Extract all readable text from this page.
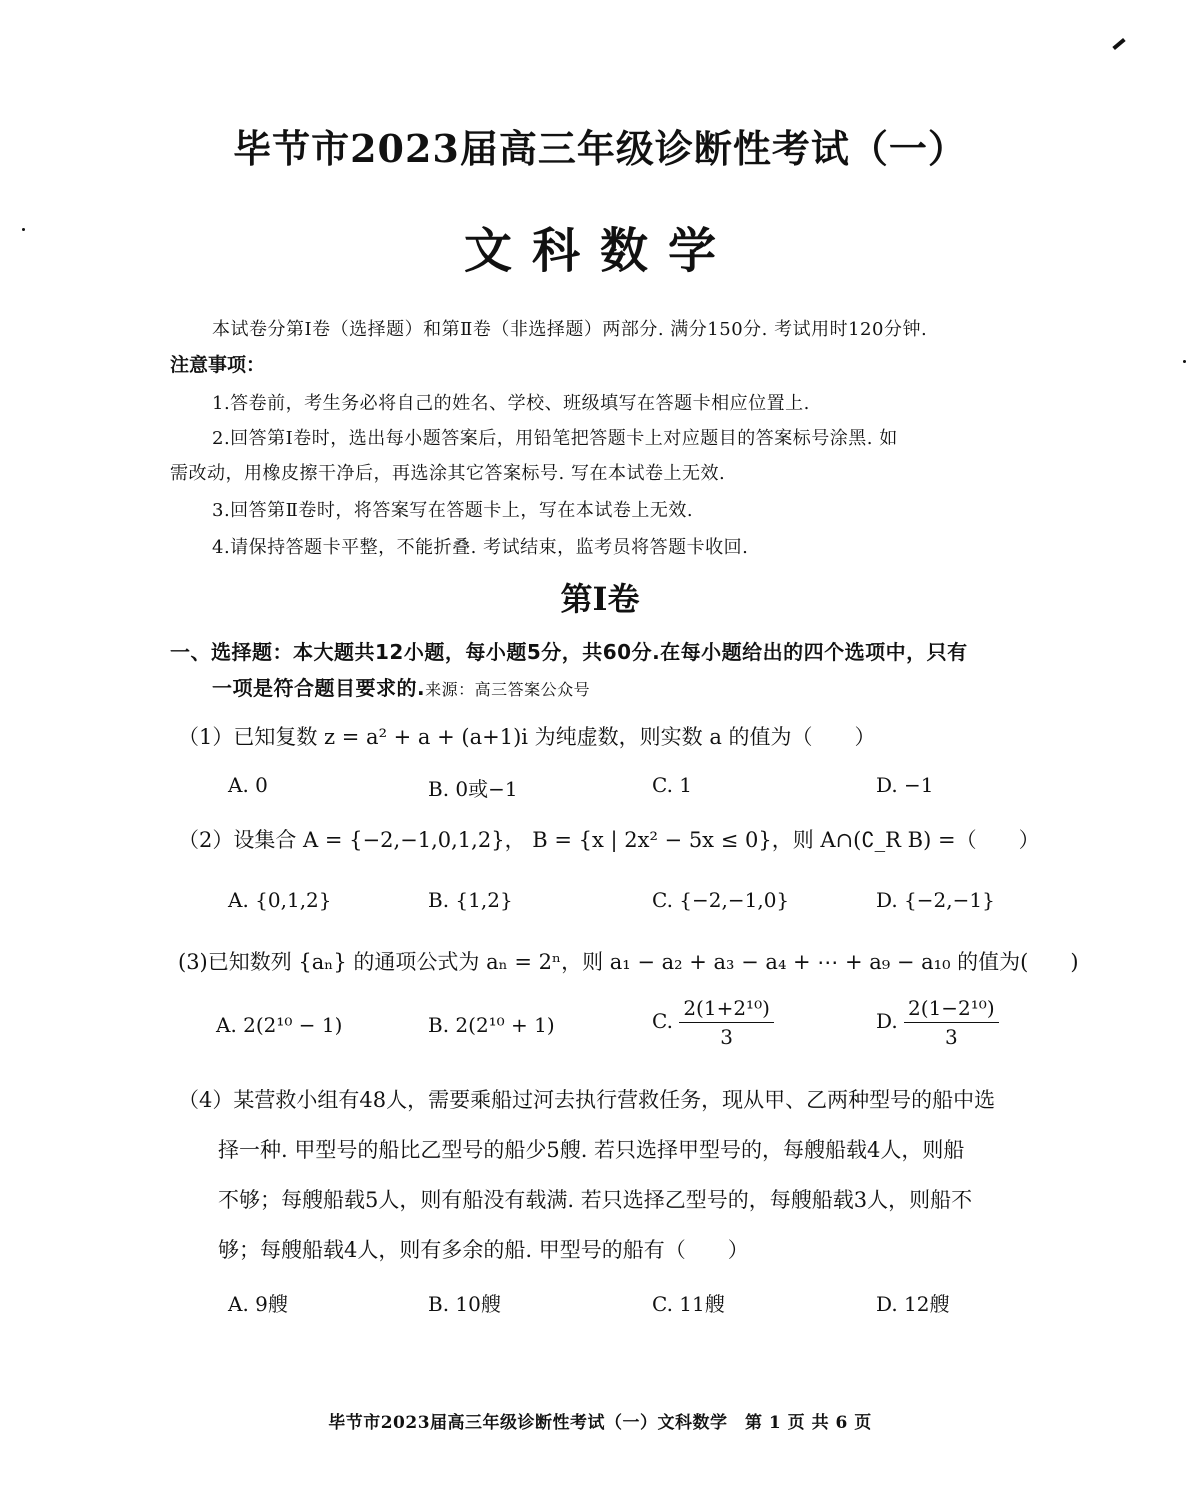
毕节市2023届高三年级诊断性考试（一）
文科数学
本试卷分第Ⅰ卷（选择题）和第Ⅱ卷（非选择题）两部分. 满分150分. 考试用时120分钟.
注意事项：
1.答卷前，考生务必将自己的姓名、学校、班级填写在答题卡相应位置上.
2.回答第Ⅰ卷时，选出每小题答案后，用铅笔把答题卡上对应题目的答案标号涂黑. 如
需改动，用橡皮擦干净后，再选涂其它答案标号. 写在本试卷上无效.
3.回答第Ⅱ卷时，将答案写在答题卡上，写在本试卷上无效.
4.请保持答题卡平整，不能折叠. 考试结束，监考员将答题卡收回.
第Ⅰ卷
一、选择题：本大题共12小题，每小题5分，共60分.在每小题给出的四个选项中，只有
一项是符合题目要求的.来源：高三答案公众号
（1）已知复数 z = a² + a + (a+1)i 为纯虚数，则实数 a 的值为（　　）
A. 0	B. 0或−1	C. 1	D. −1
（2）设集合 A = {−2,−1,0,1,2}， B = {x | 2x² − 5x ≤ 0}，则 A∩(∁_R B) =（　　）
A. {0,1,2}	B. {1,2}	C. {−2,−1,0}	D. {−2,−1}
(3)已知数列 {aₙ} 的通项公式为 aₙ = 2ⁿ，则 a₁ − a₂ + a₃ − a₄ + ⋯ + a₉ − a₁₀ 的值为(　　)
A. 2(2¹⁰ − 1)	B. 2(2¹⁰ + 1)	C. $\frac{\text{2(1+2¹⁰)}}{3}$	D. $\frac{\text{2(1−2¹⁰)}}{3}$
（4）某营救小组有48人，需要乘船过河去执行营救任务，现从甲、乙两种型号的船中选
择一种. 甲型号的船比乙型号的船少5艘. 若只选择甲型号的，每艘船载4人，则船
不够；每艘船载5人，则有船没有载满. 若只选择乙型号的，每艘船载3人，则船不
够；每艘船载4人，则有多余的船. 甲型号的船有（　　）
A. 9艘	B. 10艘	C. 11艘	D. 12艘
毕节市2023届高三年级诊断性考试（一）文科数学　第 1 页 共 6 页
